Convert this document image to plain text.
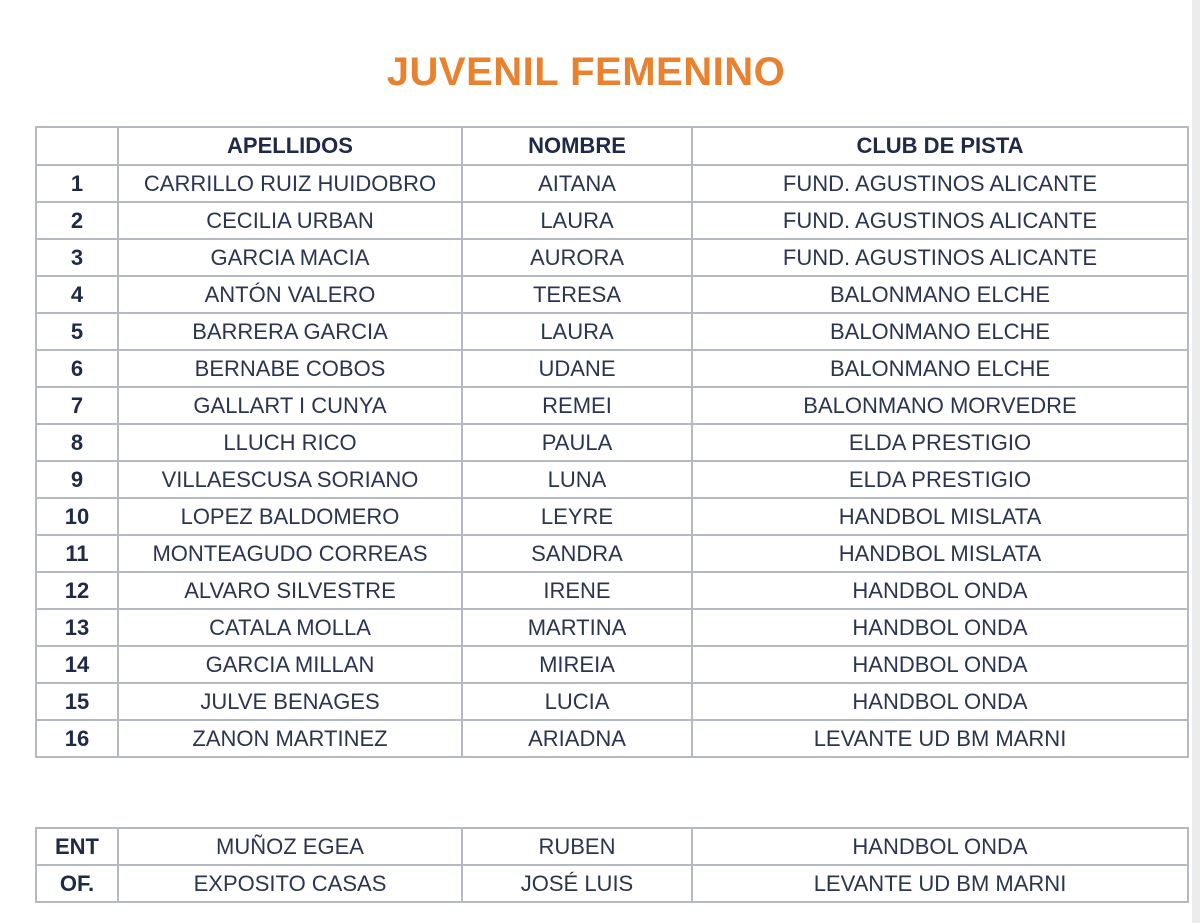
JUVENIL FEMENINO
	APELLIDOS	NOMBRE	CLUB DE PISTA
1	CARRILLO RUIZ HUIDOBRO	AITANA	FUND. AGUSTINOS ALICANTE
2	CECILIA URBAN	LAURA	FUND. AGUSTINOS ALICANTE
3	GARCIA MACIA	AURORA	FUND. AGUSTINOS ALICANTE
4	ANTÓN VALERO	TERESA	BALONMANO ELCHE
5	BARRERA GARCIA	LAURA	BALONMANO ELCHE
6	BERNABE COBOS	UDANE	BALONMANO ELCHE
7	GALLART I CUNYA	REMEI	BALONMANO MORVEDRE
8	LLUCH RICO	PAULA	ELDA PRESTIGIO
9	VILLAESCUSA SORIANO	LUNA	ELDA PRESTIGIO
10	LOPEZ BALDOMERO	LEYRE	HANDBOL MISLATA
11	MONTEAGUDO CORREAS	SANDRA	HANDBOL MISLATA
12	ALVARO SILVESTRE	IRENE	HANDBOL ONDA
13	CATALA MOLLA	MARTINA	HANDBOL ONDA
14	GARCIA MILLAN	MIREIA	HANDBOL ONDA
15	JULVE BENAGES	LUCIA	HANDBOL ONDA
16	ZANON MARTINEZ	ARIADNA	LEVANTE UD BM MARNI
ENT	MUÑOZ EGEA	RUBEN	HANDBOL ONDA
OF.	EXPOSITO CASAS	JOSÉ LUIS	LEVANTE UD BM MARNI
